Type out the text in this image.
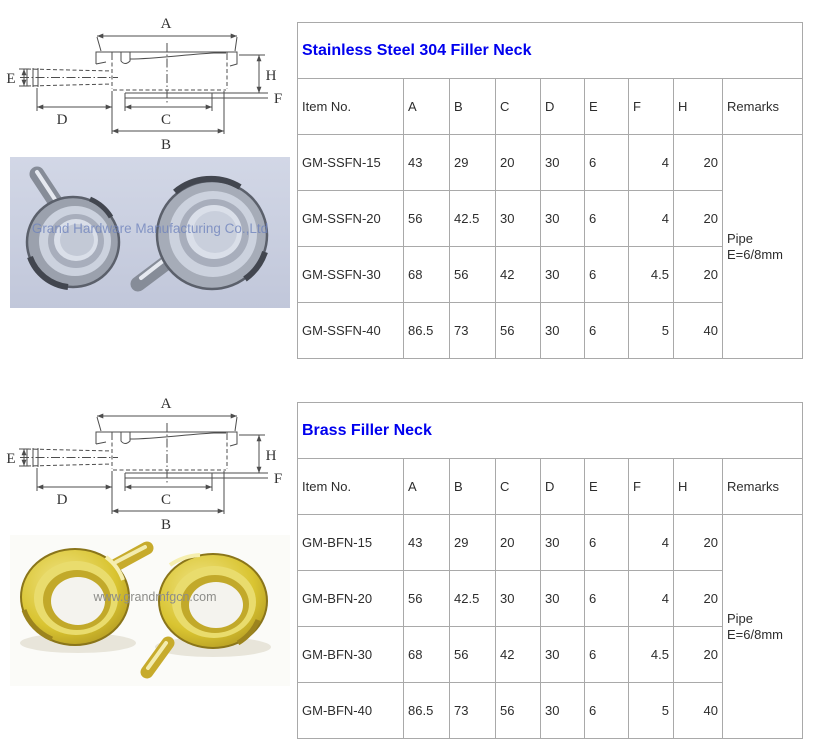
A
E
D	C
B
H
F
Grand Hardware Manufacturing Co.,Ltd
Stainless Steel 304 Filler Neck								
Item No.	A	B	C	D	E	F	H	Remarks
GM-SSFN-15	43	29	20	30	6	4	20	Pipe
E=6/8mm

GM-SSFN-20	56	42.5	30	30	6	4	20	
GM-SSFN-30	68	56	42	30	6	4.5	20	
GM-SSFN-40	86.5	73	56	30	6	5	40	
A
E
D	C
B
H
F
www.grandmfgcn.com
Brass Filler Neck								
Item No.	A	B	C	D	E	F	H	Remarks
GM-BFN-15	43	29	20	30	6	4	20	Pipe
E=6/8mm

GM-BFN-20	56	42.5	30	30	6	4	20	
GM-BFN-30	68	56	42	30	6	4.5	20	
GM-BFN-40	86.5	73	56	30	6	5	40	
